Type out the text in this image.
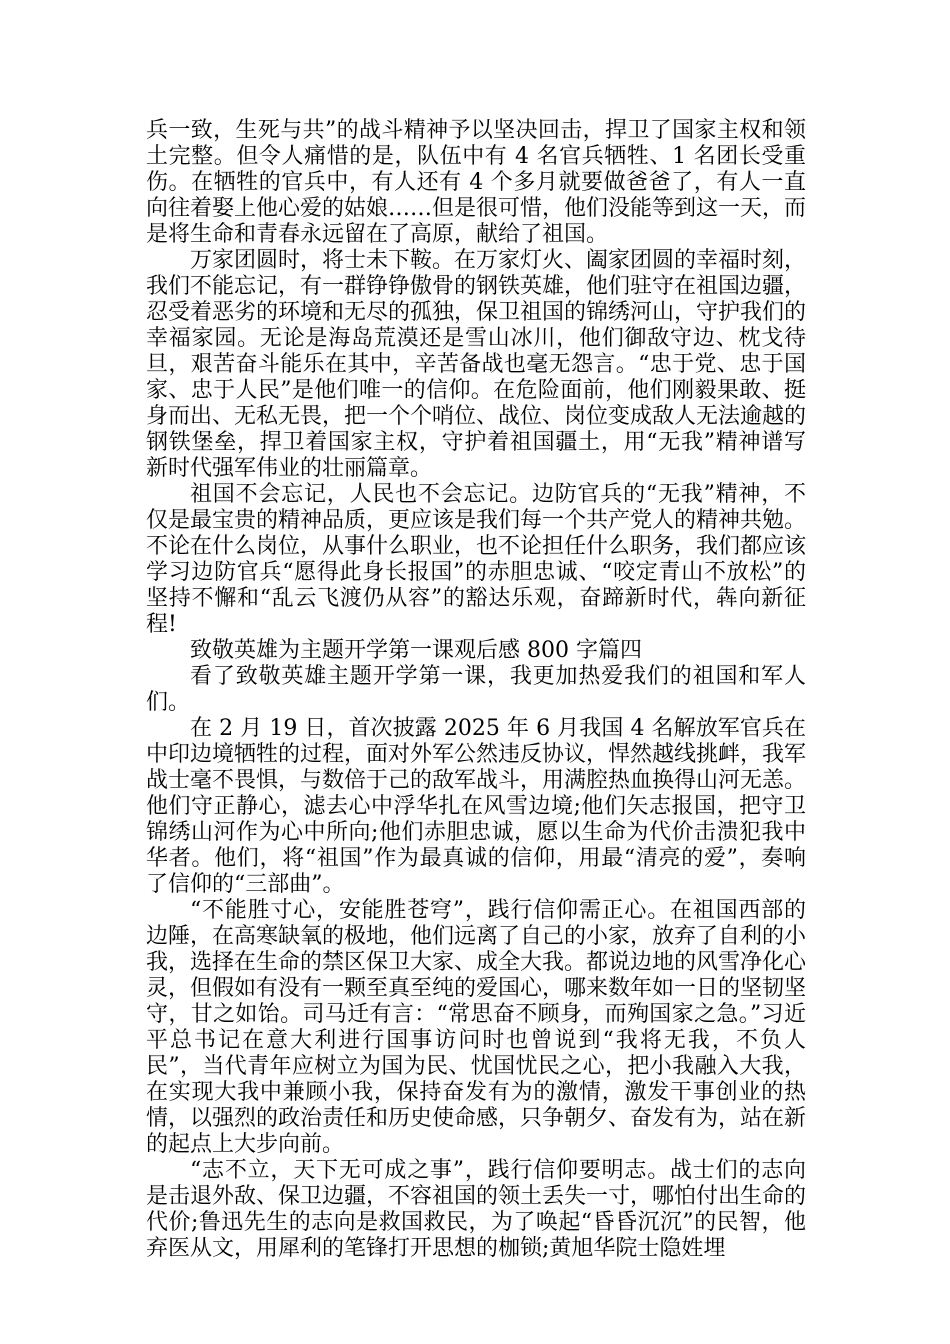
兵一致，生死与共”的战斗精神予以坚决回击，捍卫了国家主权和领土完整。但令人痛惜的是，队伍中有 4 名官兵牺牲、1 名团长受重伤。在牺牲的官兵中，有人还有 4 个多月就要做爸爸了，有人一直向往着娶上他心爱的姑娘……但是很可惜，他们没能等到这一天，而是将生命和青春永远留在了高原，献给了祖国。

万家团圆时，将士未下鞍。在万家灯火、阖家团圆的幸福时刻，我们不能忘记，有一群铮铮傲骨的钢铁英雄，他们驻守在祖国边疆，忍受着恶劣的环境和无尽的孤独，保卫祖国的锦绣河山，守护我们的幸福家园。无论是海岛荒漠还是雪山冰川，他们御敌守边、枕戈待旦，艰苦奋斗能乐在其中，辛苦备战也毫无怨言。“忠于党、忠于国家、忠于人民”是他们唯一的信仰。在危险面前，他们刚毅果敢、挺身而出、无私无畏，把一个个哨位、战位、岗位变成敌人无法逾越的钢铁堡垒，捍卫着国家主权，守护着祖国疆土，用“无我”精神谱写新时代强军伟业的壮丽篇章。

祖国不会忘记，人民也不会忘记。边防官兵的“无我”精神，不仅是最宝贵的精神品质，更应该是我们每一个共产党人的精神共勉。不论在什么岗位，从事什么职业，也不论担任什么职务，我们都应该学习边防官兵“愿得此身长报国”的赤胆忠诚、“咬定青山不放松”的坚持不懈和“乱云飞渡仍从容”的豁达乐观，奋蹄新时代，犇向新征程!

致敬英雄为主题开学第一课观后感 800 字篇四

看了致敬英雄主题开学第一课，我更加热爱我们的祖国和军人们。

在 2 月 19 日，首次披露 2025 年 6 月我国 4 名解放军官兵在中印边境牺牲的过程，面对外军公然违反协议，悍然越线挑衅，我军战士毫不畏惧，与数倍于己的敌军战斗，用满腔热血换得山河无恙。他们守正静心，滤去心中浮华扎在风雪边境;他们矢志报国，把守卫锦绣山河作为心中所向;他们赤胆忠诚，愿以生命为代价击溃犯我中华者。他们，将“祖国”作为最真诚的信仰，用最“清亮的爱”，奏响了信仰的“三部曲”。

“不能胜寸心，安能胜苍穹”，践行信仰需正心。在祖国西部的边陲，在高寒缺氧的极地，他们远离了自己的小家，放弃了自利的小我，选择在生命的禁区保卫大家、成全大我。都说边地的风雪净化心灵，但假如有没有一颗至真至纯的爱国心，哪来数年如一日的坚韧坚守，甘之如饴。司马迁有言：“常思奋不顾身，而殉国家之急。”习近平总书记在意大利进行国事访问时也曾说到“我将无我，不负人民”，当代青年应树立为国为民、忧国忧民之心，把小我融入大我，在实现大我中兼顾小我，保持奋发有为的激情，激发干事创业的热情，以强烈的政治责任和历史使命感，只争朝夕、奋发有为，站在新的起点上大步向前。

“志不立，天下无可成之事”，践行信仰要明志。战士们的志向是击退外敌、保卫边疆，不容祖国的领土丢失一寸，哪怕付出生命的代价;鲁迅先生的志向是救国救民，为了唤起“昏昏沉沉”的民智，他弃医从文，用犀利的笔锋打开思想的枷锁;黄旭华院士隐姓埋
